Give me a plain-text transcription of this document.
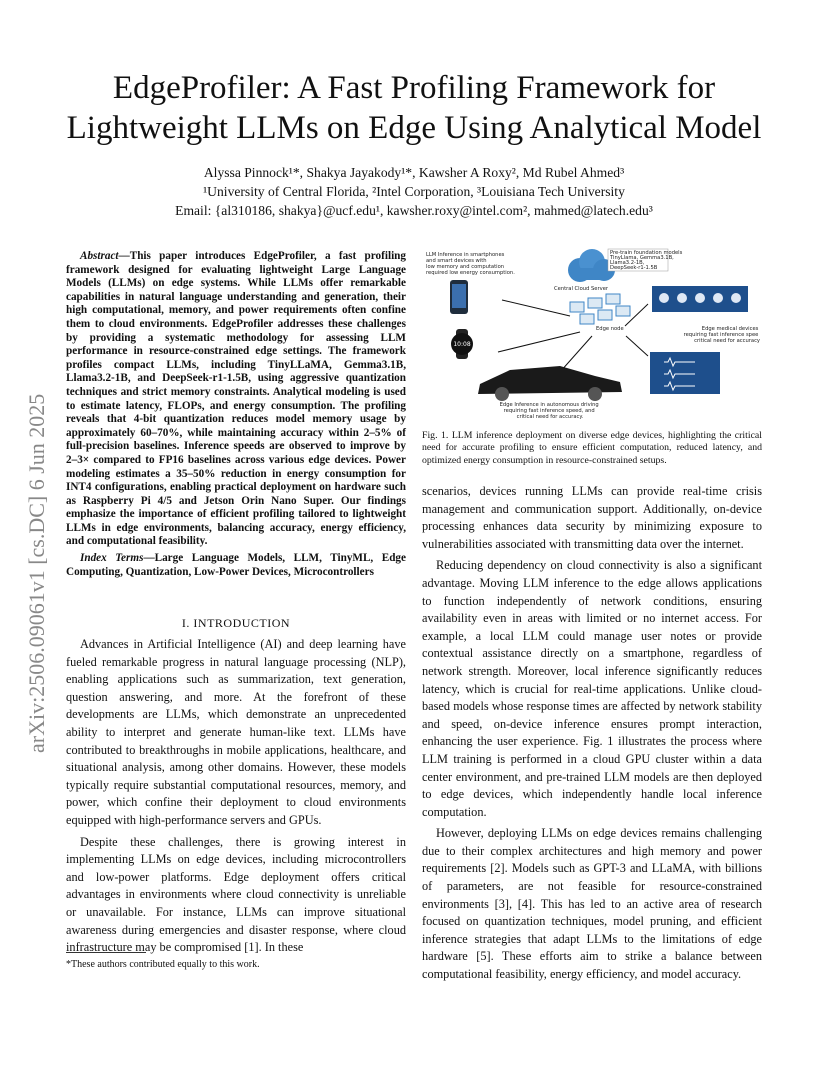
arXiv:2506.09061v1 [cs.DC] 6 Jun 2025
EdgeProfiler: A Fast Profiling Framework for
Lightweight LLMs on Edge Using Analytical Model
Alyssa Pinnock¹*, Shakya Jayakody¹*, Kawsher A Roxy², Md Rubel Ahmed³
¹University of Central Florida, ²Intel Corporation, ³Louisiana Tech University
Email: {al310186, shakya}@ucf.edu¹, kawsher.roxy@intel.com², mahmed@latech.edu³
Abstract—This paper introduces EdgeProfiler, a fast profiling framework designed for evaluating lightweight Large Language Models (LLMs) on edge systems. While LLMs offer remarkable capabilities in natural language understanding and generation, their high computational, memory, and power requirements often confine them to cloud environments. EdgeProfiler addresses these challenges by providing a systematic methodology for assessing LLM performance in resource-constrained edge settings. The framework profiles compact LLMs, including TinyLLaMA, Gemma3.1B, Llama3.2-1B, and DeepSeek-r1-1.5B, using aggressive quantization techniques and strict memory constraints. Analytical modeling is used to estimate latency, FLOPs, and energy consumption. The profiling reveals that 4-bit quantization reduces model memory usage by approximately 60–70%, while maintaining accuracy within 2–5% of full-precision baselines. Inference speeds are observed to improve by 2–3× compared to FP16 baselines across various edge devices. Power modeling estimates a 35–50% reduction in energy consumption for INT4 configurations, enabling practical deployment on hardware such as Raspberry Pi 4/5 and Jetson Orin Nano Super. Our findings emphasize the importance of efficient profiling tailored to lightweight LLMs in edge environments, balancing accuracy, energy efficiency, and computational feasibility.
Index Terms—Large Language Models, LLM, TinyML, Edge Computing, Quantization, Low-Power Devices, Microcontrollers
I. INTRODUCTION

Advances in Artificial Intelligence (AI) and deep learning have fueled remarkable progress in natural language processing (NLP), enabling applications such as summarization, text generation, question answering, and more. At the forefront of these developments are LLMs, which demonstrate an unprecedented ability to interpret and generate human-like text. LLMs have contributed to breakthroughs in mobile applications, healthcare, and situational analysis, among other domains. However, these models typically require substantial computational resources, memory, and power, which confine their deployment to cloud environments equipped with high-performance servers and GPUs.

Despite these challenges, there is growing interest in implementing LLMs on edge devices, including microcontrollers and low-power platforms. Edge deployment offers critical advantages in environments where cloud connectivity is unreliable or unavailable. For instance, LLMs can improve situational awareness during emergencies and disaster response, where cloud infrastructure may be compromised [1]. In these

*These authors contributed equally to this work.
10:08
LLM Inference in smartphones and smart devices with low memory and computation required low energy consumption.
Pre-train foundation models TinyLlama, Gemma3.1B, Llama3.2-1B, DeepSeek-r1-1.5B
Central Cloud Server
Edge node	Edge medical devices requiring fast inference spee critical need for accuracy
Edge Inference in autonomous driving requiring fast inference speed, and critical need for accuracy.
Fig. 1. LLM inference deployment on diverse edge devices, highlighting the critical need for accurate profiling to ensure efficient computation, reduced latency, and optimized energy consumption in resource-constrained setups.

scenarios, devices running LLMs can provide real-time crisis management and communication support. Additionally, on-device processing enhances data security by minimizing exposure to vulnerabilities associated with transmitting data over the internet.

Reducing dependency on cloud connectivity is also a significant advantage. Moving LLM inference to the edge allows applications to function independently of network conditions, ensuring availability even in areas with limited or no internet access. For example, a local LLM could manage user notes or provide contextual assistance directly on a smartphone, regardless of network strength. Moreover, local inference significantly reduces latency, which is crucial for real-time applications. Unlike cloud-based models whose response times are affected by network stability and speed, on-device inference ensures prompt interaction, enhancing the user experience. Fig. 1 illustrates the process where LLM training is performed in a cloud GPU cluster within a data center environment, and pre-trained LLM models are then deployed to edge devices, which independently handle local inference computation.

However, deploying LLMs on edge devices remains challenging due to their complex architectures and high memory and power requirements [2]. Models such as GPT-3 and LLaMA, with billions of parameters, are not feasible for resource-constrained environments [3], [4]. This has led to an active area of research focused on quantization techniques, model pruning, and efficient inference strategies that adapt LLMs to the limitations of edge hardware [5]. These efforts aim to strike a balance between computational feasibility, energy efficiency, and model accuracy.
